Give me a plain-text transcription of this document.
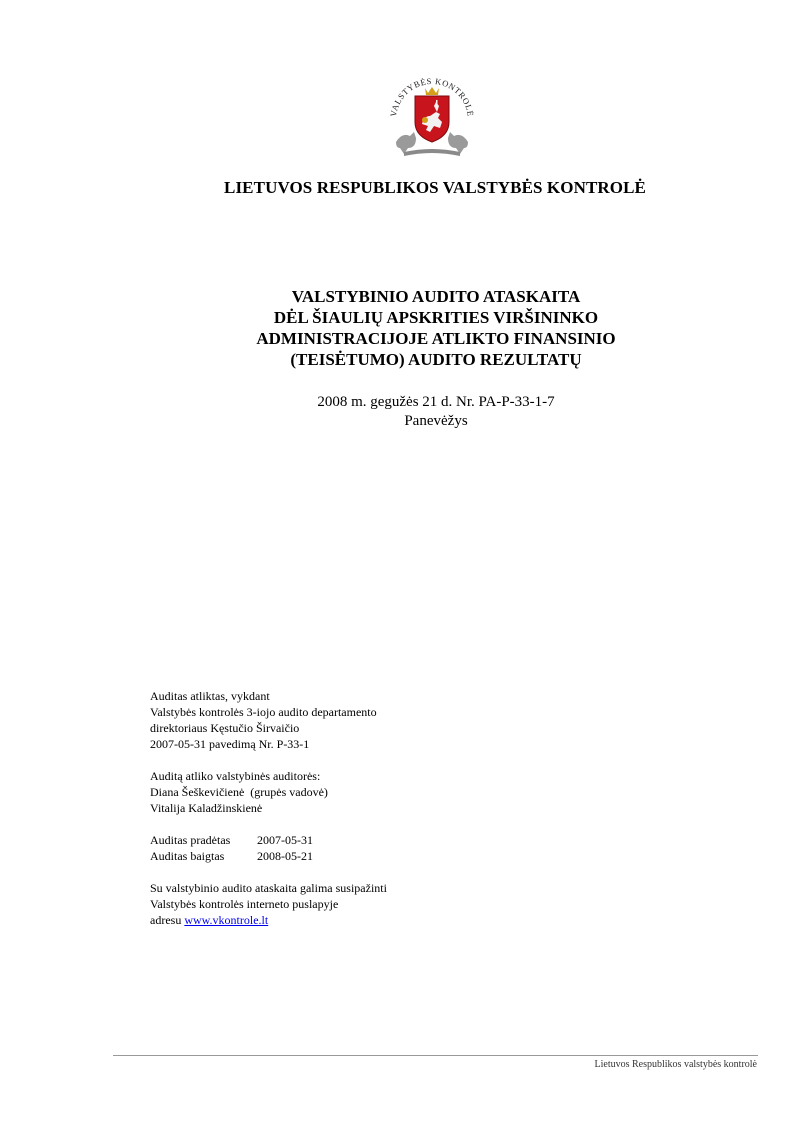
ALSTYBĖS KONTROL
LIETUVOS RESPUBLIKOS VALSTYBĖS KONTROLĖ
VALSTYBINIO AUDITO ATASKAITA
DĖL ŠIAULIŲ APSKRITIES VIRŠININKO
ADMINISTRACIJOJE ATLIKTO FINANSINIO
(TEISĖTUMO) AUDITO REZULTATŲ
2008 m. gegužės 21 d. Nr. PA-P-33-1-7
Panevėžys

Auditas atliktas, vykdant

Valstybės kontrolės 3-iojo audito departamento

direktoriaus Kęstučio Širvaičio

2007-05-31 pavedimą Nr. P-33-1

Auditą atliko valstybinės auditorės:

Diana Šeškevičienė  (grupės vadovė)

Vitalija Kaladžinskienė

Auditas pradėtas 2007-05-31

Auditas baigtas	2008-05-21

Su valstybinio audito ataskaita galima susipažinti

Valstybės kontrolės interneto puslapyje

adresu www.vkontrole.lt

Lietuvos Respublikos valstybės kontrolė
